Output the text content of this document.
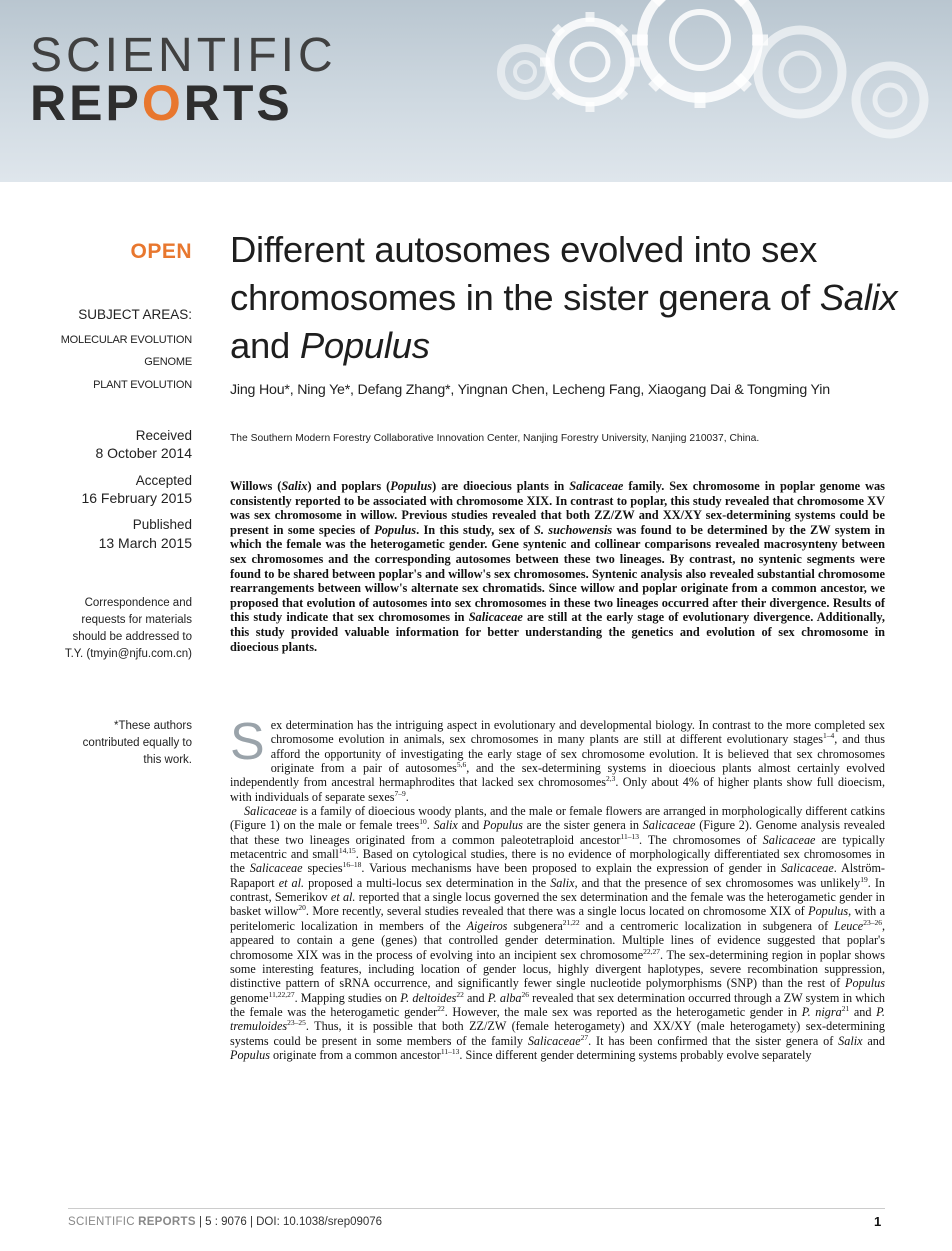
SCIENTIFIC
REPORTS
OPEN
SUBJECT AREAS:
MOLECULAR EVOLUTION
GENOME
PLANT EVOLUTION
Received
8 October 2014
Accepted
16 February 2015
Published
13 March 2015
Correspondence and requests for materials should be addressed to T.Y. (tmyin@njfu.com.cn)
*These authors contributed equally to this work.
Different autosomes evolved into sex chromosomes in the sister genera of Salix and Populus
Jing Hou*, Ning Ye*, Defang Zhang*, Yingnan Chen, Lecheng Fang, Xiaogang Dai & Tongming Yin
The Southern Modern Forestry Collaborative Innovation Center, Nanjing Forestry University, Nanjing 210037, China.

Willows (Salix) and poplars (Populus) are dioecious plants in Salicaceae family. Sex chromosome in poplar genome was consistently reported to be associated with chromosome XIX. In contrast to poplar, this study revealed that chromosome XV was sex chromosome in willow. Previous studies revealed that both ZZ/ZW and XX/XY sex-determining systems could be present in some species of Populus. In this study, sex of S. suchowensis was found to be determined by the ZW system in which the female was the heterogametic gender. Gene syntenic and collinear comparisons revealed macrosynteny between sex chromosomes and the corresponding autosomes between these two lineages. By contrast, no syntenic segments were found to be shared between poplar's and willow's sex chromosomes. Syntenic analysis also revealed substantial chromosome rearrangements between willow's alternate sex chromatids. Since willow and poplar originate from a common ancestor, we proposed that evolution of autosomes into sex chromosomes in these two lineages occurred after their divergence. Results of this study indicate that sex chromosomes in Salicaceae are still at the early stage of evolutionary divergence. Additionally, this study provided valuable information for better understanding the genetics and evolution of sex chromosome in dioecious plants.

Sex determination has the intriguing aspect in evolutionary and developmental biology. In contrast to the more completed sex chromosome evolution in animals, sex chromosomes in many plants are still at different evolutionary stages$^{1-4}$, and thus afford the opportunity of investigating the early stage of sex chromosome evolution. It is believed that sex chromosomes originate from a pair of autosomes$^{5,6}$, and the sex-determining systems in dioecious plants almost certainly evolved independently from ancestral hermaphrodites that lacked sex chromosomes$^{2,3}$. Only about 4% of higher plants show full dioecism, with individuals of separate sexes$^{7-9}$.

Salicaceae is a family of dioecious woody plants, and the male or female flowers are arranged in morphologically different catkins (Figure 1) on the male or female trees$^{10}$. Salix and Populus are the sister genera in Salicaceae (Figure 2). Genome analysis revealed that these two lineages originated from a common paleotetraploid ancestor$^{11-13}$. The chromosomes of Salicaceae are typically metacentric and small$^{14,15}$. Based on cytological studies, there is no evidence of morphologically differentiated sex chromosomes in the Salicaceae species$^{16-18}$. Various mechanisms have been proposed to explain the expression of gender in Salicaceae. Alström-Rapaport et al. proposed a multi-locus sex determination in the Salix, and that the presence of sex chromosomes was unlikely$^{19}$. In contrast, Semerikov et al. reported that a single locus governed the sex determination and the female was the heterogametic gender in basket willow$^{20}$. More recently, several studies revealed that there was a single locus located on chromosome XIX of Populus, with a peritelomeric localization in members of the Aigeiros subgenera$^{21,22}$ and a centromeric localization in subgenera of Leuce$^{23-26}$, appeared to contain a gene (genes) that controlled gender determination. Multiple lines of evidence suggested that poplar's chromosome XIX was in the process of evolving into an incipient sex chromosome$^{22,27}$. The sex-determining region in poplar shows some interesting features, including location of gender locus, highly divergent haplotypes, severe recombination suppression, distinctive pattern of sRNA occurrence, and significantly fewer single nucleotide polymorphisms (SNP) than the rest of Populus genome$^{11,22,27}$. Mapping studies on P. deltoides$^{22}$ and P. alba$^{26}$ revealed that sex determination occurred through a ZW system in which the female was the heterogametic gender$^{22}$. However, the male sex was reported as the heterogametic gender in P. nigra$^{21}$ and P. tremuloides$^{23-25}$. Thus, it is possible that both ZZ/ZW (female heterogamety) and XX/XY (male heterogamety) sex-determining systems could be present in some members of the family Salicaceae$^{27}$. It has been confirmed that the sister genera of Salix and Populus originate from a common ancestor$^{11-13}$. Since different gender determining systems probably evolve separately

SCIENTIFIC REPORTS | 5 : 9076 | DOI: 10.1038/srep09076	1
